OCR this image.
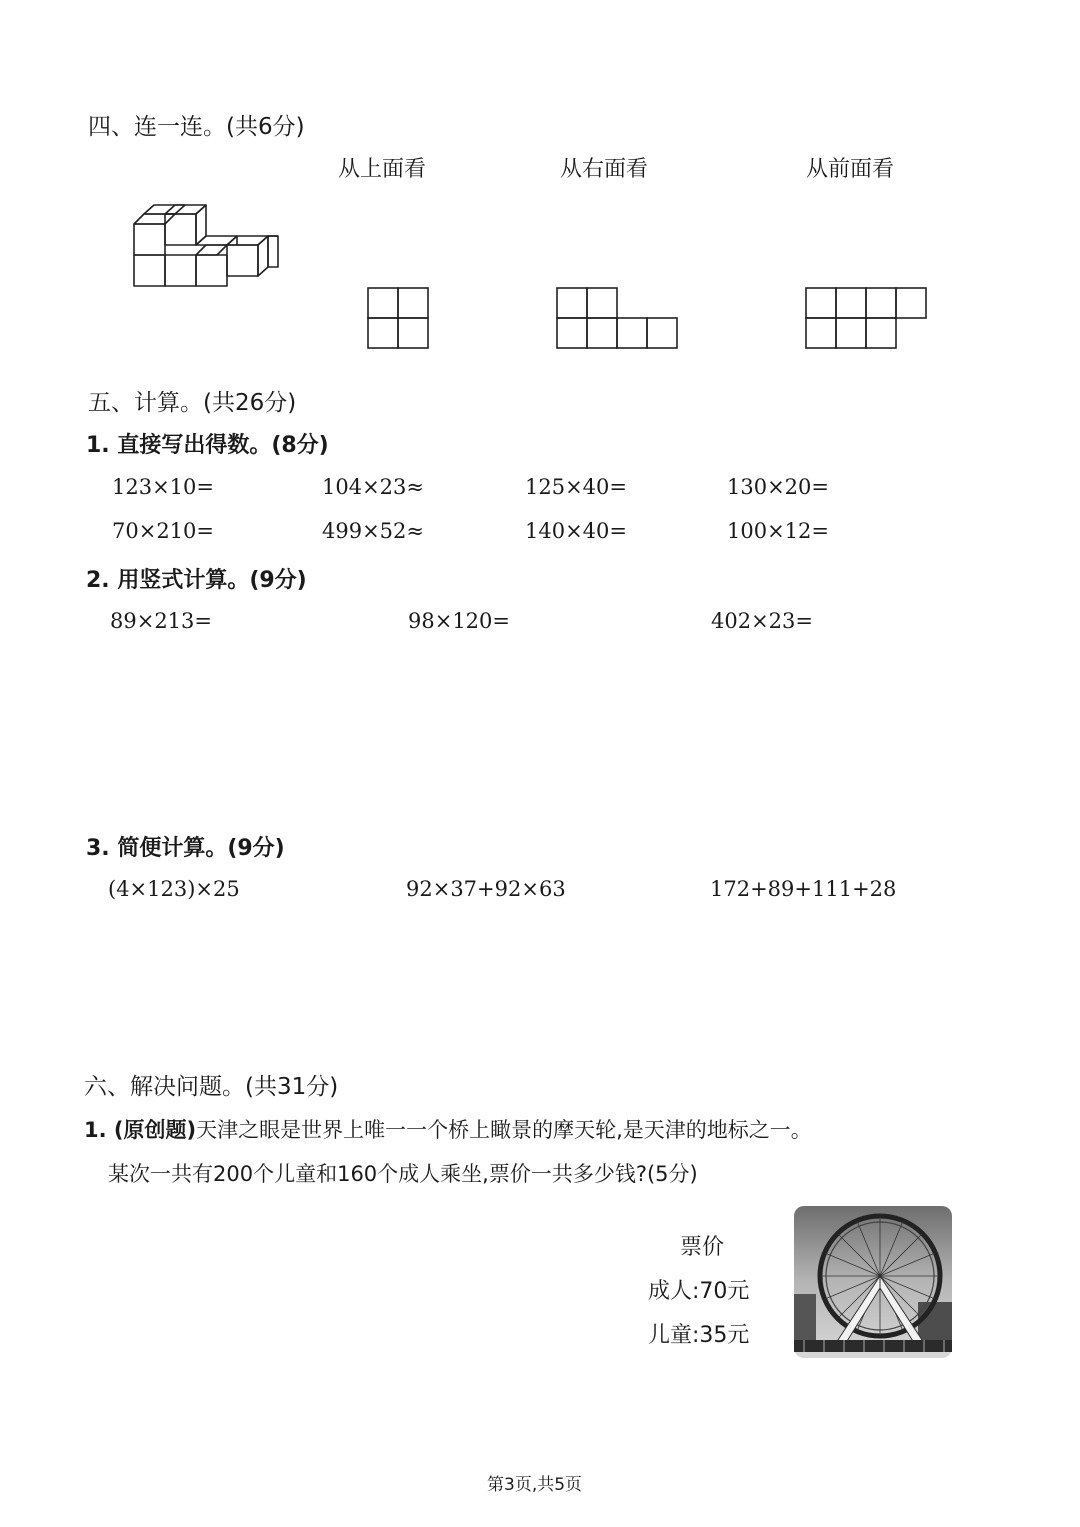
四、连一连。(共6分)
从上面看	从右面看	从前面看
五、计算。(共26分)
1. 直接写出得数。(8分)
123×10=	104×23≈	125×40=	130×20=
70×210=	499×52≈	140×40=	100×12=
2. 用竖式计算。(9分)
89×213=	98×120=	402×23=
3. 简便计算。(9分)
(4×123)×25	92×37+92×63	172+89+111+28
六、解决问题。(共31分)
1. (原创题)天津之眼是世界上唯一一个桥上瞰景的摩天轮,是天津的地标之一。
某次一共有200个儿童和160个成人乘坐,票价一共多少钱?(5分)
票价
成人:70元
儿童:35元
第3页,共5页
